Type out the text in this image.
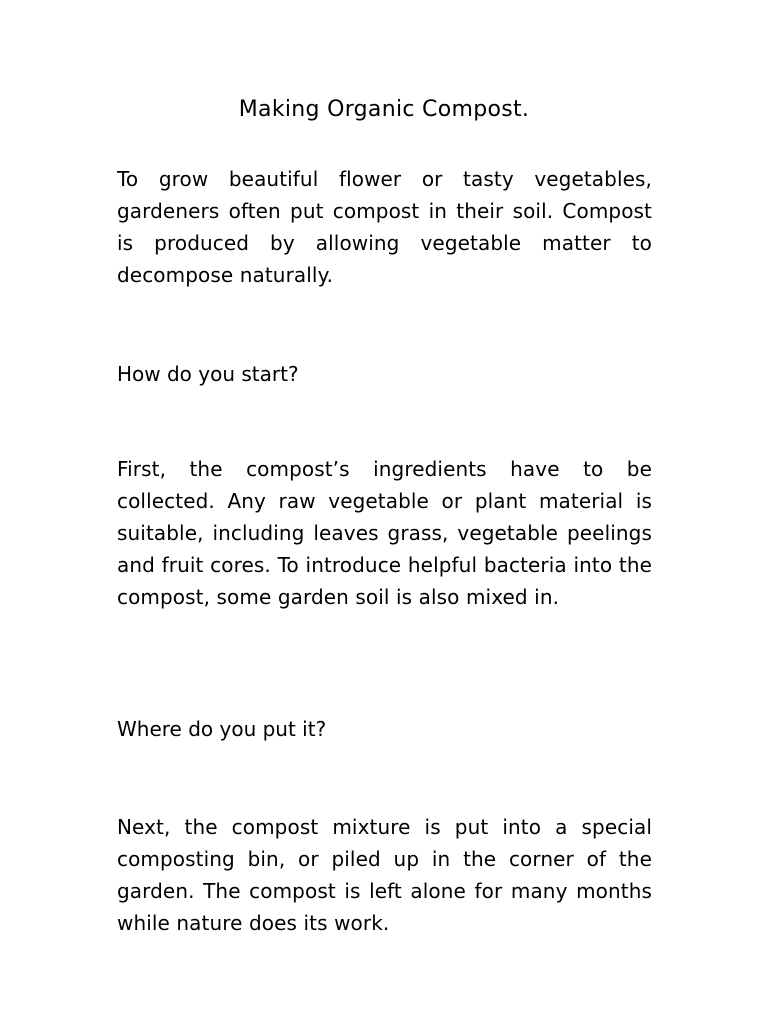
Making Organic Compost.

To grow beautiful flower or tasty vegetables, gardeners often put compost in their soil. Compost is produced by allowing vegetable matter to decompose naturally.

How do you start?

First, the compost’s ingredients have to be collected. Any raw vegetable or plant material is suitable, including leaves grass, vegetable peelings and fruit cores. To introduce helpful bacteria into the compost, some garden soil is also mixed in.

Where do you put it?

Next, the compost mixture is put into a special composting bin, or piled up in the corner of the garden. The compost is left alone for many months while nature does its work.
